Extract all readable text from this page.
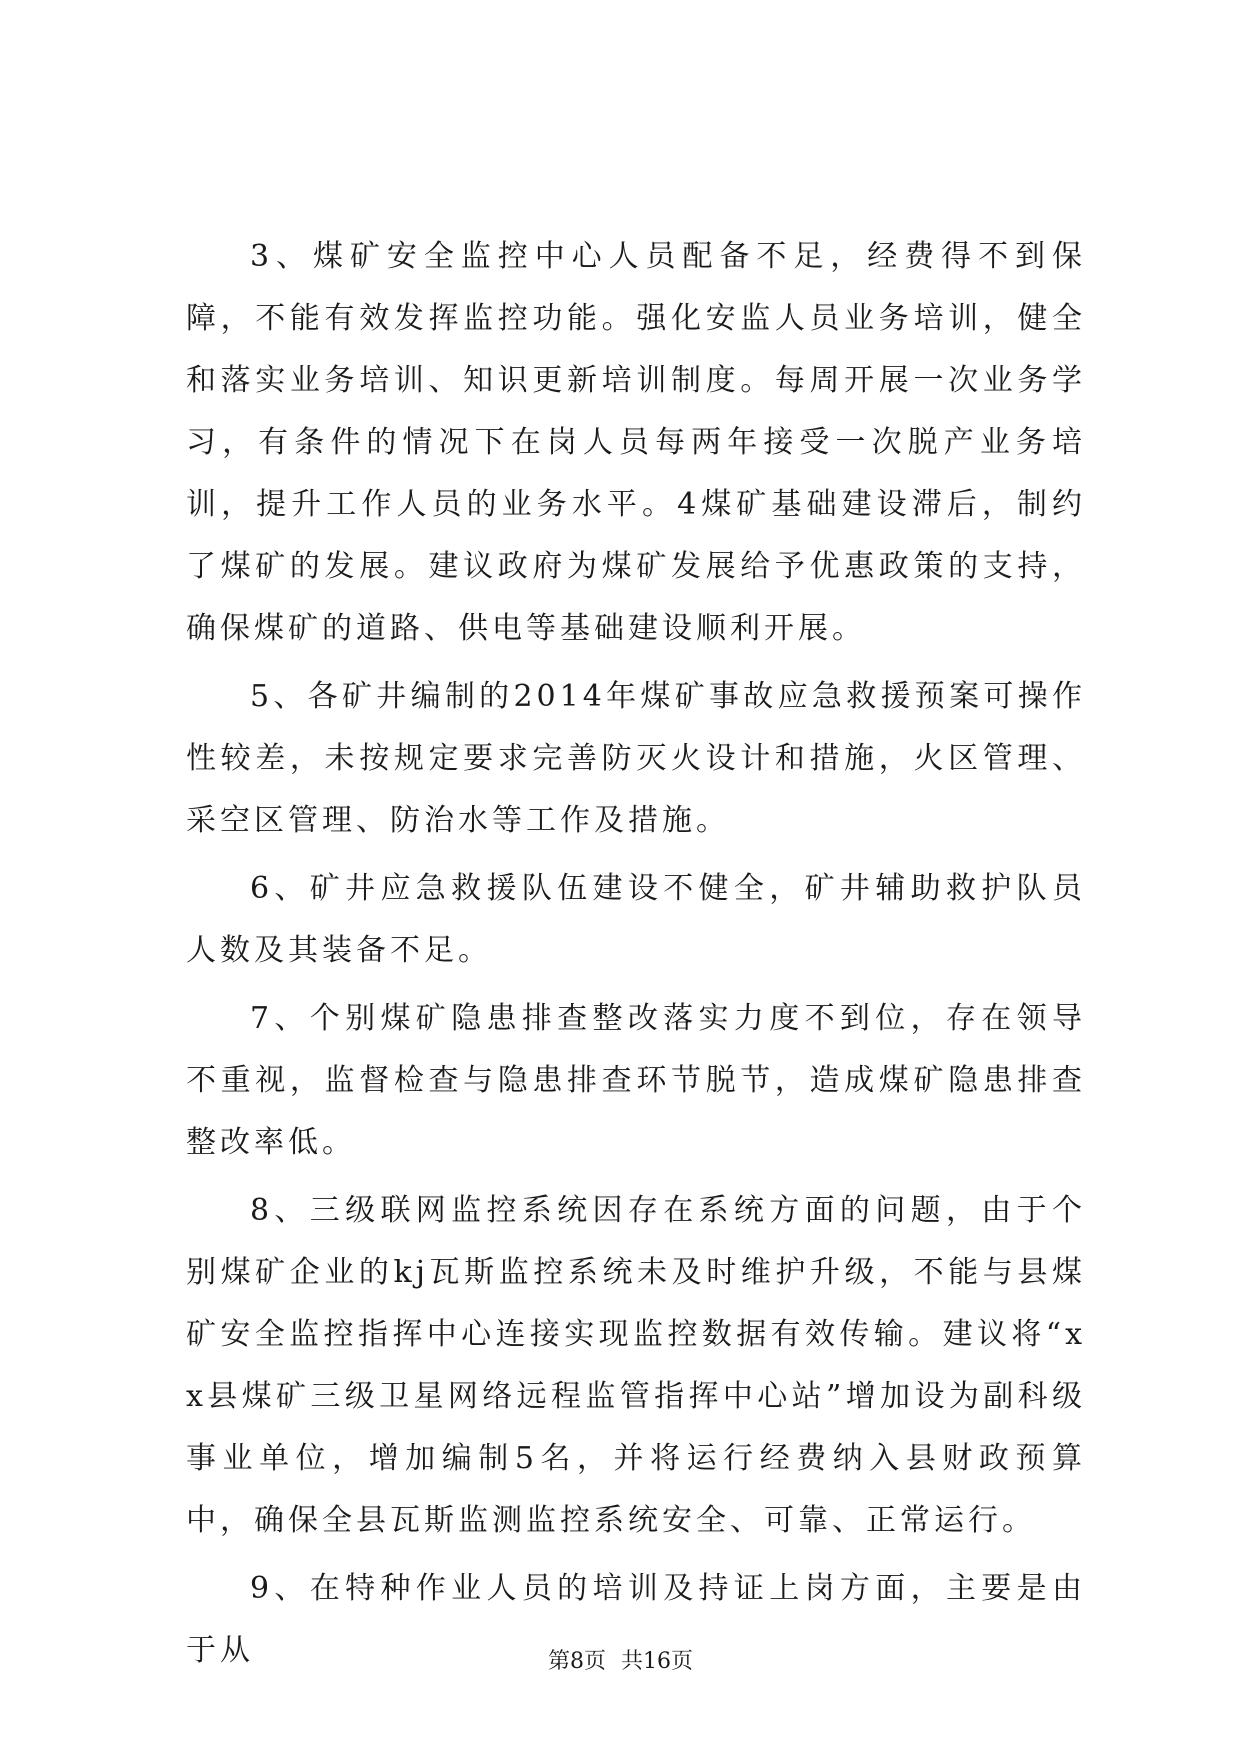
3、煤矿安全监控中心人员配备不足，经费得不到保障，不能有效发挥监控功能。强化安监人员业务培训，健全和落实业务培训、知识更新培训制度。每周开展一次业务学习，有条件的情况下在岗人员每两年接受一次脱产业务培训，提升工作人员的业务水平。4煤矿基础建设滞后，制约了煤矿的发展。建议政府为煤矿发展给予优惠政策的支持，确保煤矿的道路、供电等基础建设顺利开展。

5、各矿井编制的2014年煤矿事故应急救援预案可操作性较差，未按规定要求完善防灭火设计和措施，火区管理、采空区管理、防治水等工作及措施。

6、矿井应急救援队伍建设不健全，矿井辅助救护队员人数及其装备不足。

7、个别煤矿隐患排查整改落实力度不到位，存在领导不重视，监督检查与隐患排查环节脱节，造成煤矿隐患排查整改率低。

8、三级联网监控系统因存在系统方面的问题，由于个别煤矿企业的kj瓦斯监控系统未及时维护升级，不能与县煤矿安全监控指挥中心连接实现监控数据有效传输。建议将“xx县煤矿三级卫星网络远程监管指挥中心站”增加设为副科级事业单位，增加编制5名，并将运行经费纳入县财政预算中，确保全县瓦斯监测监控系统安全、可靠、正常运行。

9、在特种作业人员的培训及持证上岗方面，主要是由于从	第8页 共16页
